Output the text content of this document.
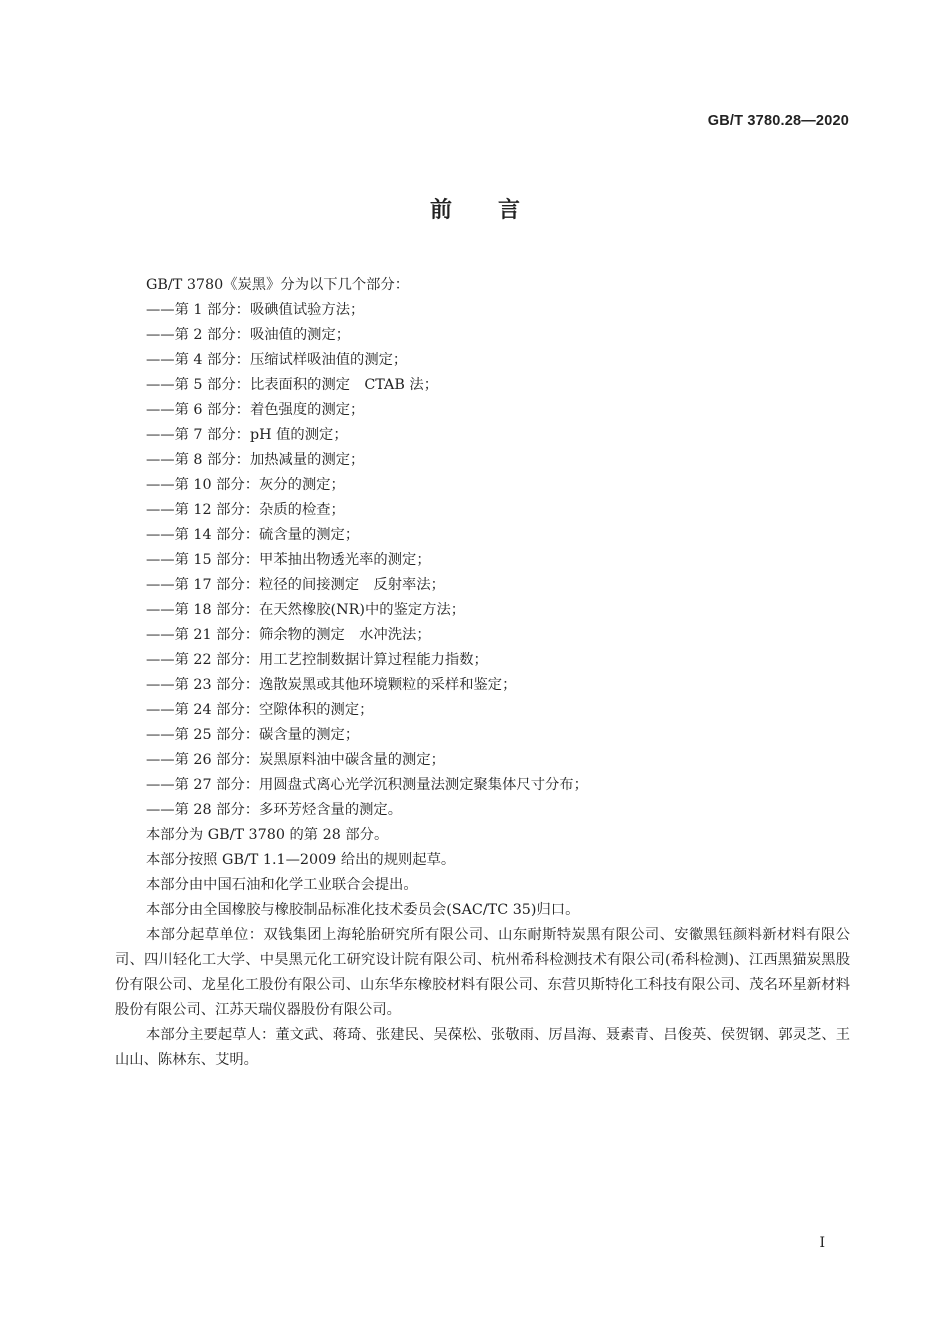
GB/T 3780.28—2020
前 言

GB/T 3780《炭黑》分为以下几个部分：

——第 1 部分：吸碘值试验方法；

——第 2 部分：吸油值的测定；

——第 4 部分：压缩试样吸油值的测定；

——第 5 部分：比表面积的测定　CTAB 法；

——第 6 部分：着色强度的测定；

——第 7 部分：pH 值的测定；

——第 8 部分：加热减量的测定；

——第 10 部分：灰分的测定；

——第 12 部分：杂质的检查；

——第 14 部分：硫含量的测定；

——第 15 部分：甲苯抽出物透光率的测定；

——第 17 部分：粒径的间接测定　反射率法；

——第 18 部分：在天然橡胶(NR)中的鉴定方法；

——第 21 部分：筛余物的测定　水冲洗法；

——第 22 部分：用工艺控制数据计算过程能力指数；

——第 23 部分：逸散炭黑或其他环境颗粒的采样和鉴定；

——第 24 部分：空隙体积的测定；

——第 25 部分：碳含量的测定；

——第 26 部分：炭黑原料油中碳含量的测定；

——第 27 部分：用圆盘式离心光学沉积测量法测定聚集体尺寸分布；

——第 28 部分：多环芳烃含量的测定。

本部分为 GB/T 3780 的第 28 部分。

本部分按照 GB/T 1.1—2009 给出的规则起草。

本部分由中国石油和化学工业联合会提出。

本部分由全国橡胶与橡胶制品标准化技术委员会(SAC/TC 35)归口。

本部分起草单位：双钱集团上海轮胎研究所有限公司、山东耐斯特炭黑有限公司、安徽黑钰颜料新材料有限公司、四川轻化工大学、中昊黑元化工研究设计院有限公司、杭州希科检测技术有限公司(希科检测)、江西黑猫炭黑股份有限公司、龙星化工股份有限公司、山东华东橡胶材料有限公司、东营贝斯特化工科技有限公司、茂名环星新材料股份有限公司、江苏天瑞仪器股份有限公司。

本部分主要起草人：董文武、蒋琦、张建民、吴葆松、张敬雨、厉昌海、聂素青、吕俊英、侯贺钢、郭灵芝、王山山、陈林东、艾明。

I
